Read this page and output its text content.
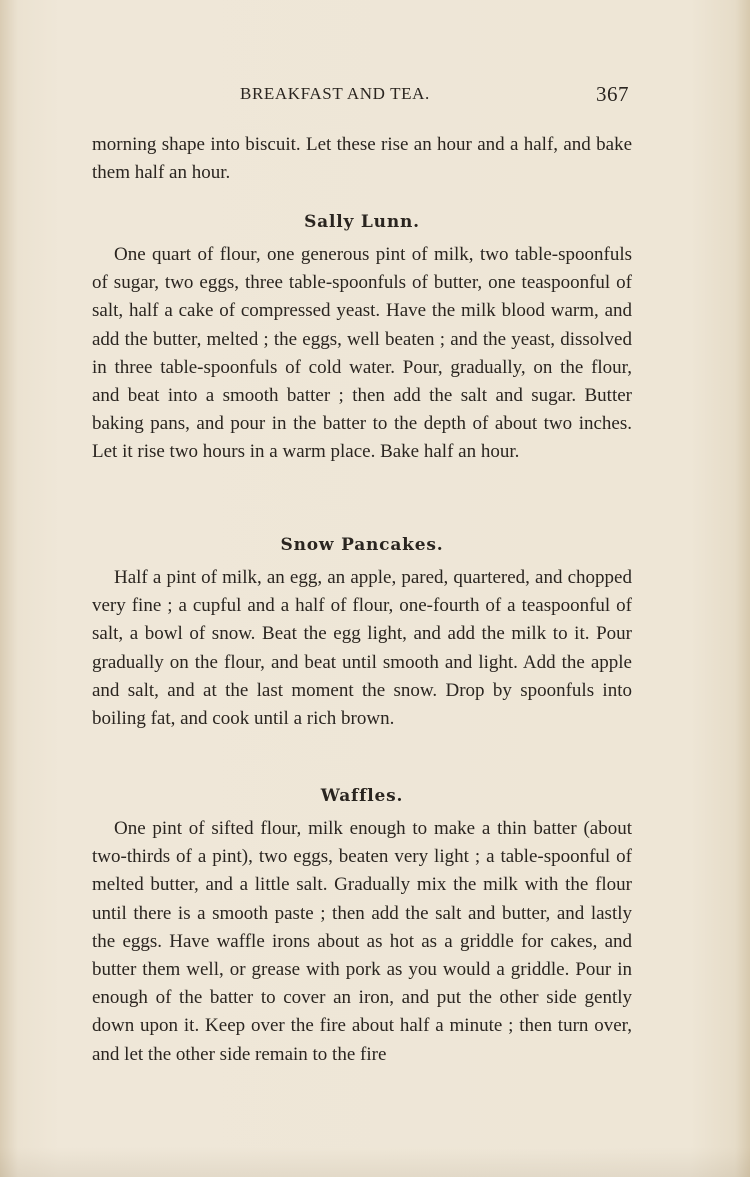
BREAKFAST AND TEA.	367

morning shape into biscuit. Let these rise an hour and a half, and bake them half an hour.

Sally Lunn.

One quart of flour, one generous pint of milk, two table-spoonfuls of sugar, two eggs, three table-spoonfuls of butter, one teaspoonful of salt, half a cake of compressed yeast. Have the milk blood warm, and add the butter, melted ; the eggs, well beaten ; and the yeast, dissolved in three table-spoonfuls of cold water. Pour, gradually, on the flour, and beat into a smooth batter ; then add the salt and sugar. Butter baking pans, and pour in the batter to the depth of about two inches. Let it rise two hours in a warm place. Bake half an hour.

Snow Pancakes.

Half a pint of milk, an egg, an apple, pared, quartered, and chopped very fine ; a cupful and a half of flour, one-fourth of a teaspoonful of salt, a bowl of snow. Beat the egg light, and add the milk to it. Pour gradually on the flour, and beat until smooth and light. Add the apple and salt, and at the last moment the snow. Drop by spoonfuls into boiling fat, and cook until a rich brown.

Waffles.

One pint of sifted flour, milk enough to make a thin batter (about two-thirds of a pint), two eggs, beaten very light ; a table-spoonful of melted butter, and a little salt. Gradually mix the milk with the flour until there is a smooth paste ; then add the salt and butter, and lastly the eggs. Have waffle irons about as hot as a griddle for cakes, and butter them well, or grease with pork as you would a griddle. Pour in enough of the batter to cover an iron, and put the other side gently down upon it. Keep over the fire about half a minute ; then turn over, and let the other side remain to the fire
